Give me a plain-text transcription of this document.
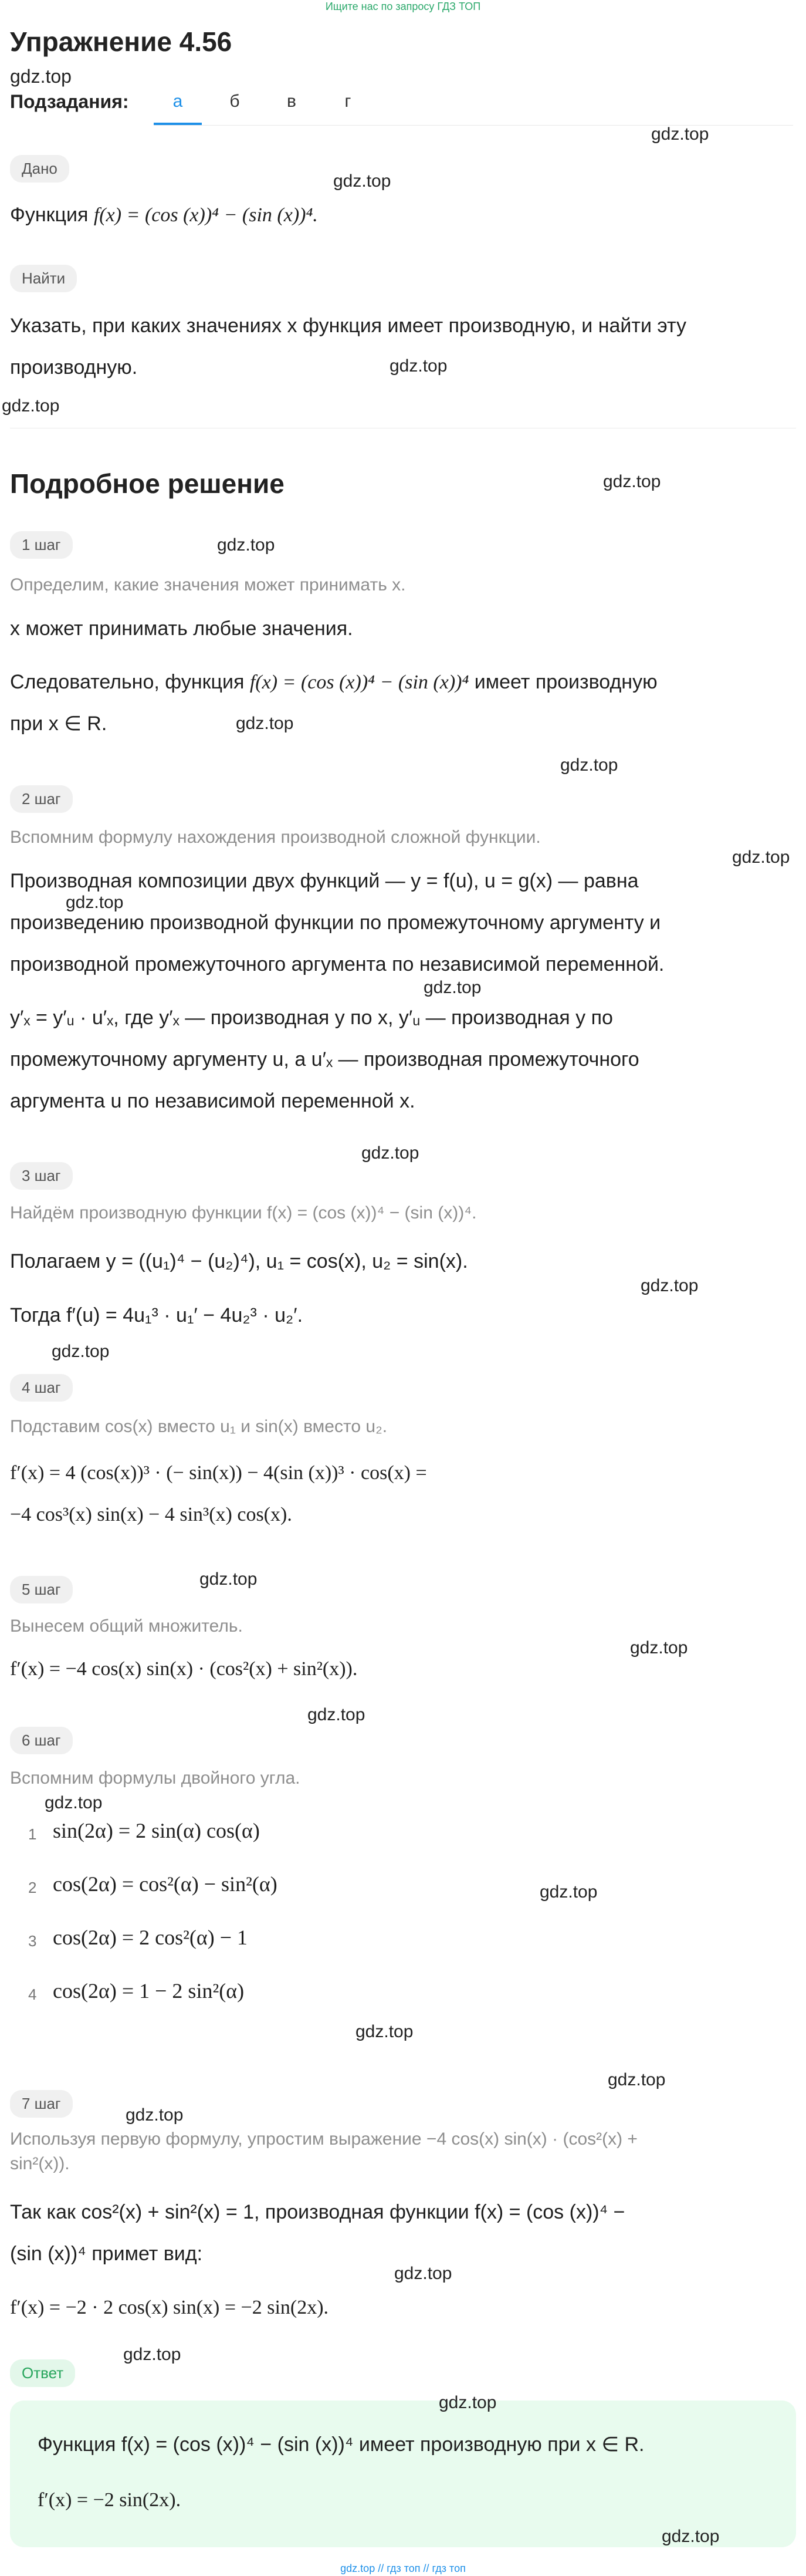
Ищите нас по запросу ГДЗ ТОП
Упражнение 4.56
gdz.top
Подзадания:	а	б	в	г
gdz.top
Дано
gdz.top
Функция f(x) = (cos (x))⁴ − (sin (x))⁴.
Найти
Указать, при каких значениях x функция имеет производную, и найти эту
производную.	gdz.top
gdz.top
Подробное решение	gdz.top
1 шаг	gdz.top
Определим, какие значения может принимать x.
x может принимать любые значения.
Следовательно, функция f(x) = (cos (x))⁴ − (sin (x))⁴ имеет производную
при x ∈ R.	gdz.top
gdz.top
2 шаг
Вспомним формулу нахождения производной сложной функции.
gdz.top
Производная композиции двух функций — y = f(u), u = g(x) — равна
gdz.top
произведению производной функции по промежуточному аргументу и
производной промежуточного аргумента по независимой переменной.
gdz.top
y′ₓ = y′ᵤ · u′ₓ, где y′ₓ — производная y по x, y′ᵤ — производная y по
промежуточному аргументу u, а u′ₓ — производная промежуточного
аргумента u по независимой переменной x.
gdz.top
3 шаг
Найдём производную функции f(x) = (cos (x))⁴ − (sin (x))⁴.
Полагаем y = ((u₁)⁴ − (u₂)⁴), u₁ = cos(x), u₂ = sin(x).
gdz.top
Тогда f′(u) = 4u₁³ · u₁′ − 4u₂³ · u₂′.
gdz.top
4 шаг
Подставим cos(x) вместо u₁ и sin(x) вместо u₂.
f′(x) = 4 (cos(x))³ · (− sin(x)) − 4(sin (x))³ · cos(x) =
−4 cos³(x) sin(x) − 4 sin³(x) cos(x).
gdz.top
5 шаг
Вынесем общий множитель.
gdz.top
f′(x) = −4 cos(x) sin(x) · (cos²(x) + sin²(x)).
gdz.top
6 шаг
Вспомним формулы двойного угла.
gdz.top
1 sin(2α) = 2 sin(α) cos(α)
2 cos(2α) = cos²(α) − sin²(α)
3 cos(2α) = 2 cos²(α) − 1
4 cos(2α) = 1 − 2 sin²(α)
gdz.top
gdz.top
gdz.top
7 шаг
gdz.top
Используя первую формулу, упростим выражение −4 cos(x) sin(x) · (cos²(x) +
sin²(x)).
Так как cos²(x) + sin²(x) = 1, производная функции f(x) = (cos (x))⁴ −
(sin (x))⁴ примет вид:
gdz.top
f′(x) = −2 · 2 cos(x) sin(x) = −2 sin(2x).
Ответ
gdz.top
gdz.top
Функция f(x) = (cos (x))⁴ − (sin (x))⁴ имеет производную при x ∈ R.
f′(x) = −2 sin(2x).
gdz.top
gdz.top // гдз топ // гдз топ
